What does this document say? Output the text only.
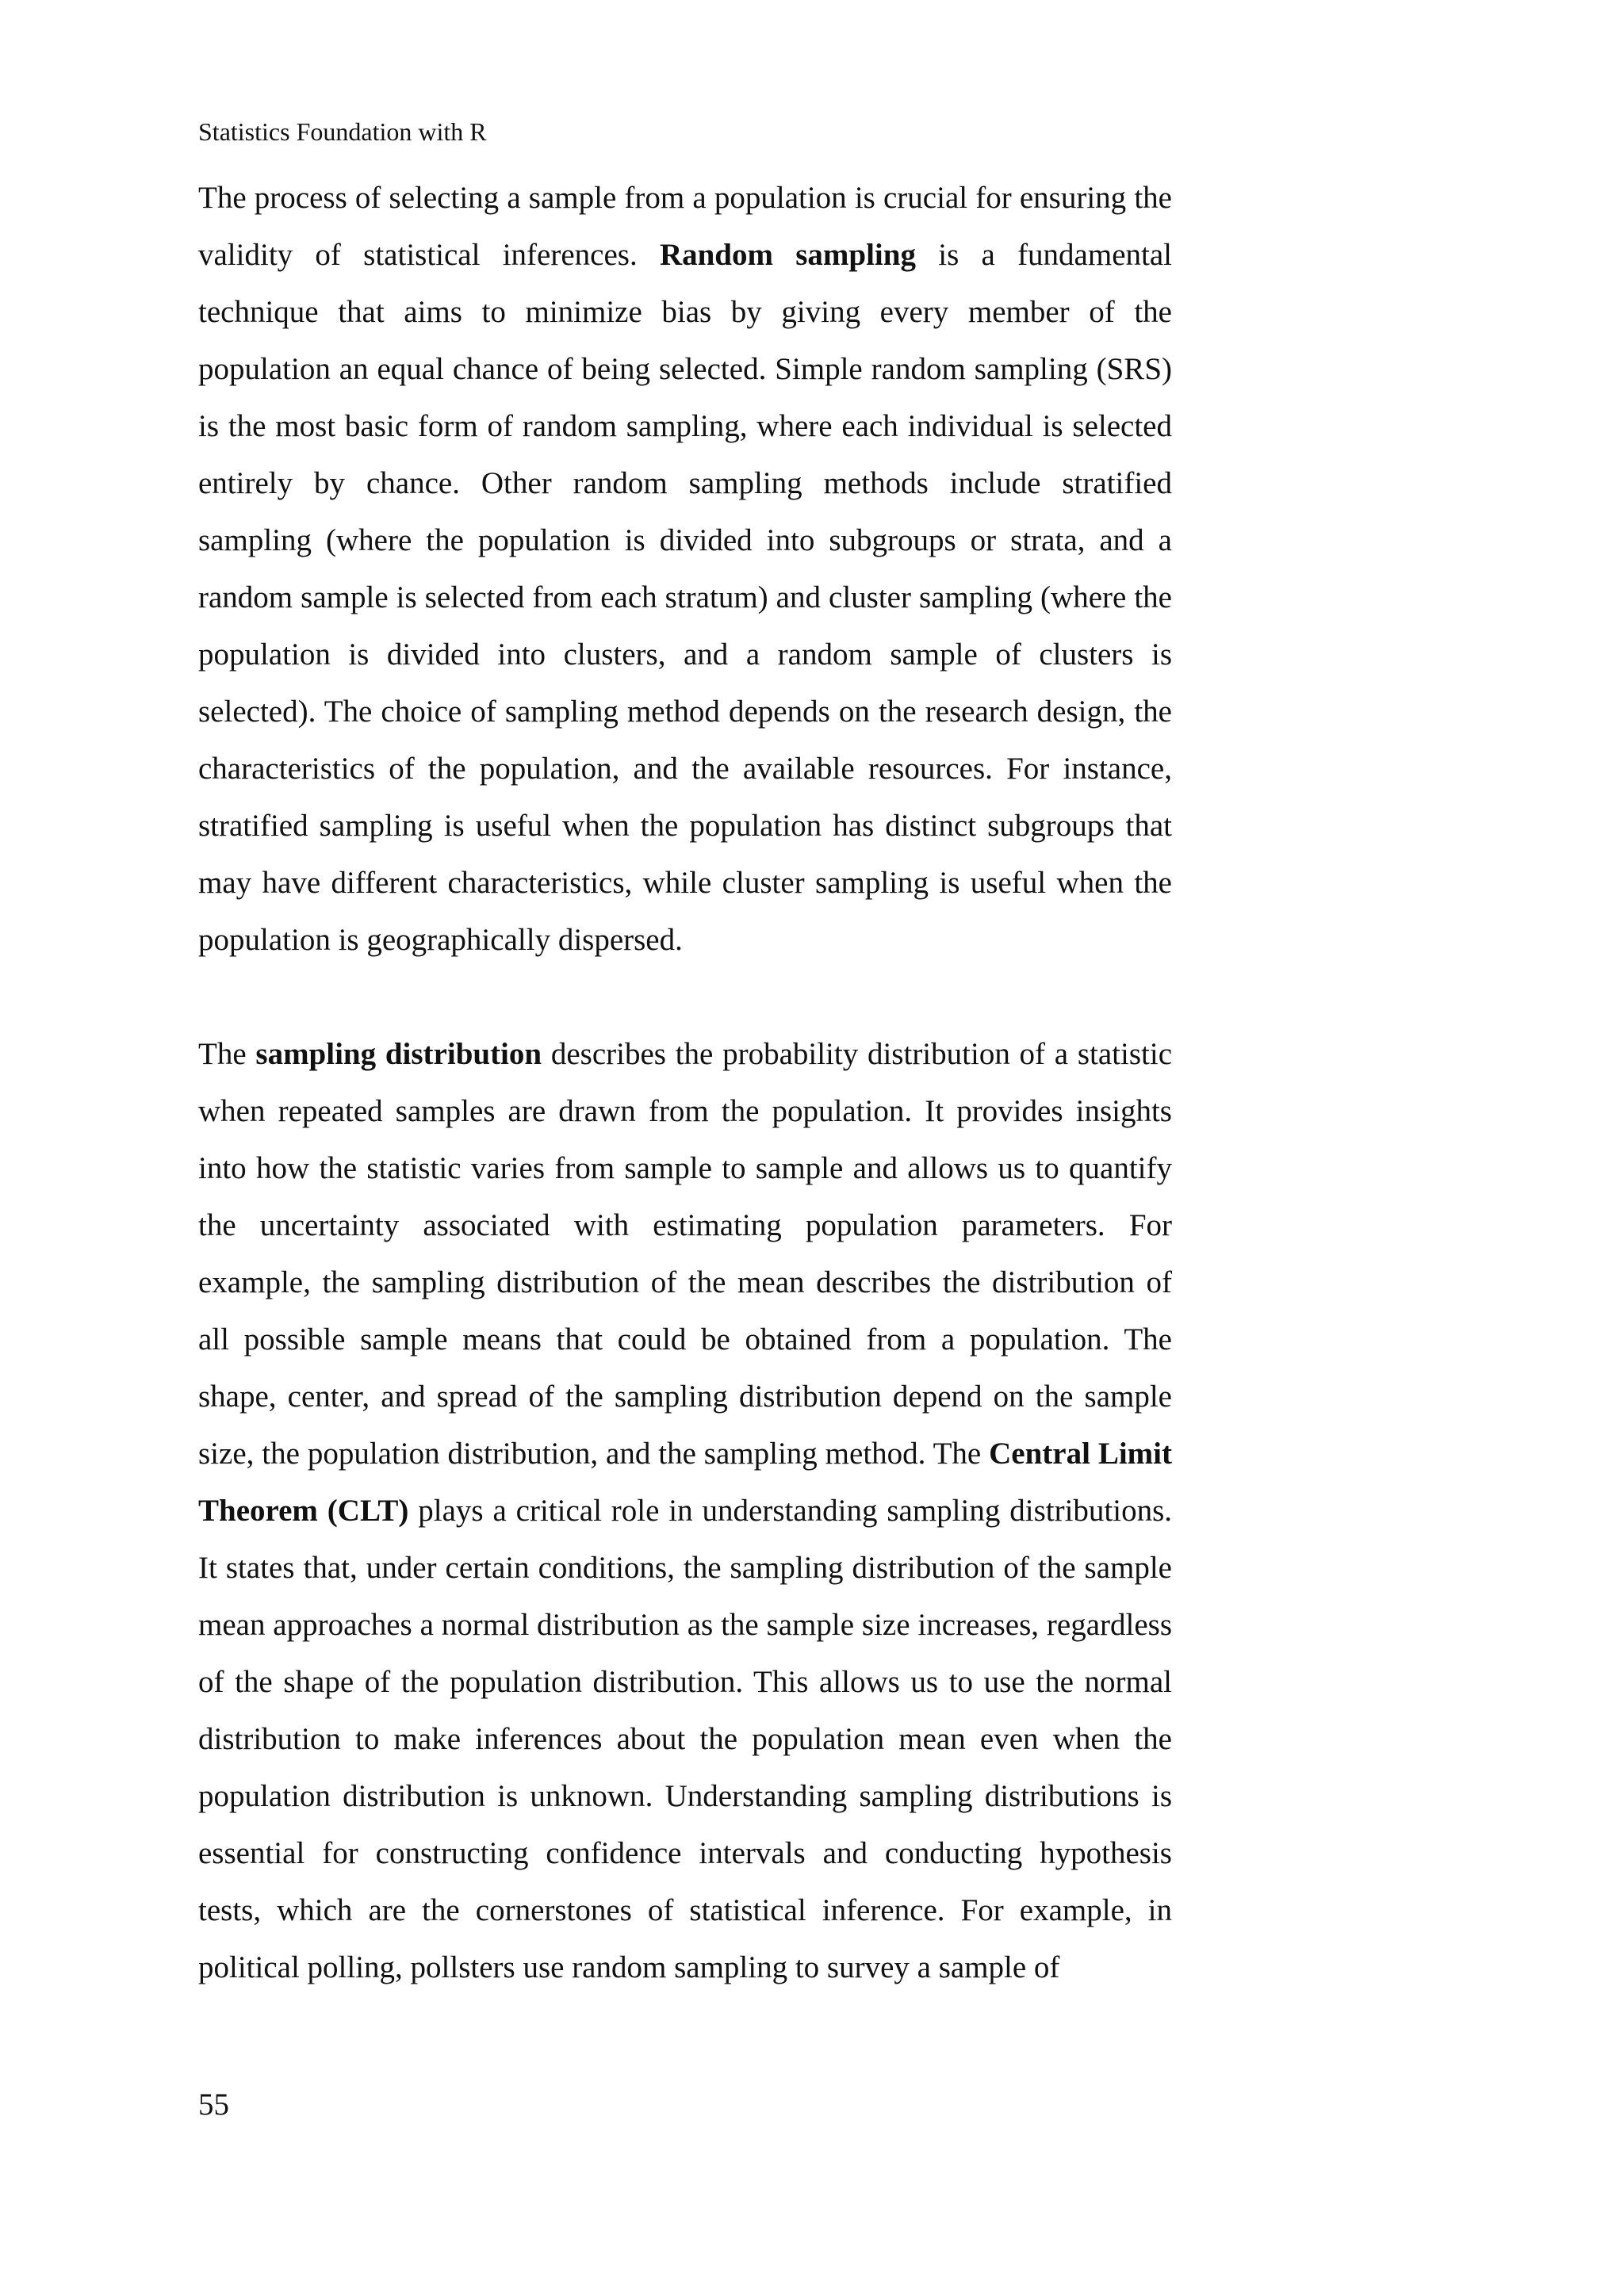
Statistics Foundation with R

The process of selecting a sample from a population is crucial for ensuring the validity of statistical inferences. Random sampling is a fundamental technique that aims to minimize bias by giving every member of the population an equal chance of being selected. Simple random sampling (SRS) is the most basic form of random sampling, where each individual is selected entirely by chance. Other random sampling methods include stratified sampling (where the population is divided into subgroups or strata, and a random sample is selected from each stratum) and cluster sampling (where the population is divided into clusters, and a random sample of clusters is selected). The choice of sampling method depends on the research design, the characteristics of the population, and the available resources. For instance, stratified sampling is useful when the population has distinct subgroups that may have different characteristics, while cluster sampling is useful when the population is geographically dispersed.

The sampling distribution describes the probability distribution of a statistic when repeated samples are drawn from the population. It provides insights into how the statistic varies from sample to sample and allows us to quantify the uncertainty associated with estimating population parameters. For example, the sampling distribution of the mean describes the distribution of all possible sample means that could be obtained from a population. The shape, center, and spread of the sampling distribution depend on the sample size, the population distribution, and the sampling method. The Central Limit Theorem (CLT) plays a critical role in understanding sampling distributions. It states that, under certain conditions, the sampling distribution of the sample mean approaches a normal distribution as the sample size increases, regardless of the shape of the population distribution. This allows us to use the normal distribution to make inferences about the population mean even when the population distribution is unknown. Understanding sampling distributions is essential for constructing confidence intervals and conducting hypothesis tests, which are the cornerstones of statistical inference. For example, in political polling, pollsters use random sampling to survey a sample of

55
